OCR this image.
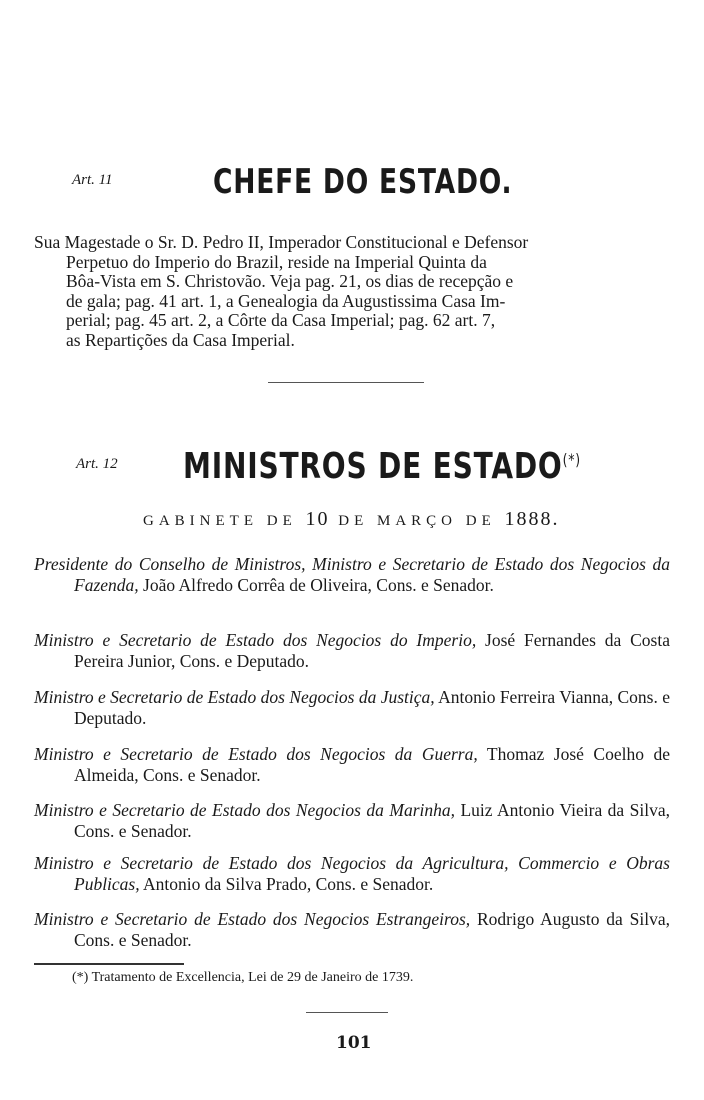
Art. 11	CHEFE DO ESTADO.
Sua Magestade o Sr. D. Pedro II, Imperador Constitucional e Defensor
Perpetuo do Imperio do Brazil, reside na Imperial Quinta da
Bôa-Vista em S. Christovão. Veja pag. 21, os dias de recepção e
de gala; pag. 41 art. 1, a Genealogia da Augustissima Casa Im-
perial; pag. 45 art. 2, a Côrte da Casa Imperial; pag. 62 art. 7,
as Repartições da Casa Imperial.
Art. 12 MINISTROS DE ESTADO(*)
GABINETE DE 10 DE MARÇO DE 1888.
Presidente do Conselho de Ministros, Ministro e Secretario de Estado dos Negocios da Fazenda, João Alfredo Corrêa de Oliveira, Cons. e Senador.
Ministro e Secretario de Estado dos Negocios do Imperio, José Fernandes da Costa Pereira Junior, Cons. e Deputado.
Ministro e Secretario de Estado dos Negocios da Justiça, Antonio Ferreira Vianna, Cons. e Deputado.
Ministro e Secretario de Estado dos Negocios da Guerra, Thomaz José Coelho de Almeida, Cons. e Senador.
Ministro e Secretario de Estado dos Negocios da Marinha, Luiz Antonio Vieira da Silva, Cons. e Senador.
Ministro e Secretario de Estado dos Negocios da Agricultura, Commercio e Obras Publicas, Antonio da Silva Prado, Cons. e Senador.
Ministro e Secretario de Estado dos Negocios Estrangeiros, Rodrigo Augusto da Silva, Cons. e Senador.
(*) Tratamento de Excellencia, Lei de 29 de Janeiro de 1739.
101
